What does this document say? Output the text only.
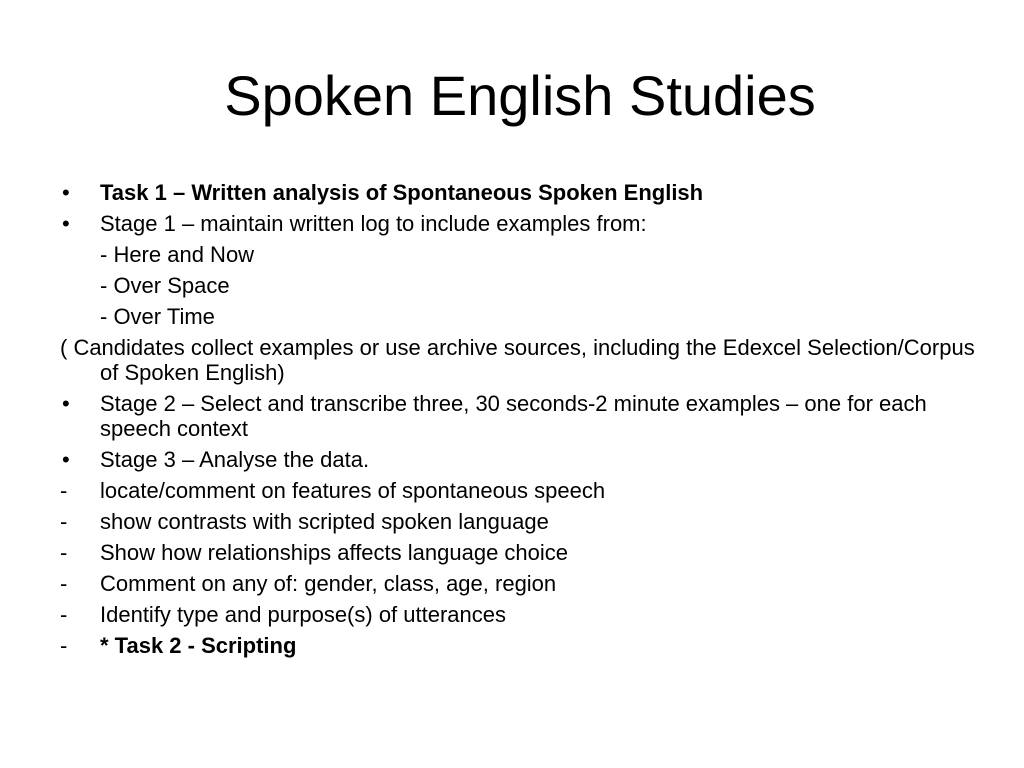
Spoken English Studies
•	Task 1 – Written analysis of Spontaneous Spoken English
•	Stage 1 – maintain written log to include examples from:
- Here and Now
- Over Space
- Over Time
( Candidates collect examples or use archive sources, including the Edexcel Selection/Corpus of Spoken English)
•	Stage 2 – Select and transcribe three, 30 seconds-2 minute examples – one for each speech context
•	Stage 3 – Analyse the data.
-	locate/comment on features of spontaneous speech
-	show contrasts with scripted spoken language
-	Show how relationships affects language choice
-	Comment on any of: gender, class, age, region
-	Identify type and purpose(s) of utterances
-	* Task 2 - Scripting
